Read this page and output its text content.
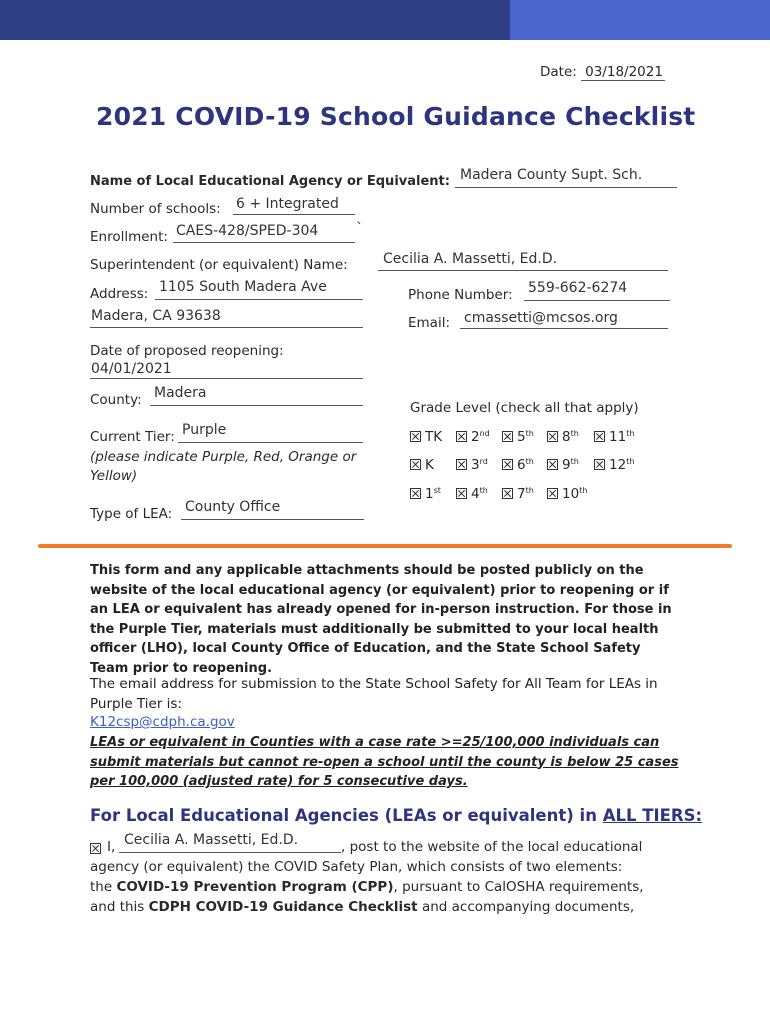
Date: 03/18/2021
2021 COVID-19 School Guidance Checklist
Name of Local Educational Agency or Equivalent: Madera County Supt. Sch.
Number of schools: 6 + Integrated
Enrollment: CAES-428/SPED-304	`
Superintendent (or equivalent) Name:	Cecilia A. Massetti, Ed.D.
Address: 1105 South Madera Ave
Madera, CA 93638
Phone Number: 559-662-6274
Email: cmassetti@mcsos.org
Date of proposed reopening:
04/01/2021
County: Madera
Grade Level (check all that apply)
TK	2nd	5th	8th	11th
K	3rd	6th	9th	12th
1st	4th	7th	10th
Current Tier: Purple
(please indicate Purple, Red, Orange or Yellow)
Type of LEA: County Office
This form and any applicable attachments should be posted publicly on the website of the local educational agency (or equivalent) prior to reopening or if an LEA or equivalent has already opened for in-person instruction. For those in the Purple Tier, materials must additionally be submitted to your local health officer (LHO), local County Office of Education, and the State School Safety Team prior to reopening.
The email address for submission to the State School Safety for All Team for LEAs in Purple Tier is:
K12csp@cdph.ca.gov
LEAs or equivalent in Counties with a case rate >=25/100,000 individuals can submit materials but cannot re-open a school until the county is below 25 cases per 100,000 (adjusted rate) for 5 consecutive days.
For Local Educational Agencies (LEAs or equivalent) in ALL TIERS:
I, Cecilia A. Massetti, Ed.D.	, post to the website of the local educational
agency (or equivalent) the COVID Safety Plan, which consists of two elements:
the COVID-19 Prevention Program (CPP), pursuant to CalOSHA requirements,
and this CDPH COVID-19 Guidance Checklist and accompanying documents,
